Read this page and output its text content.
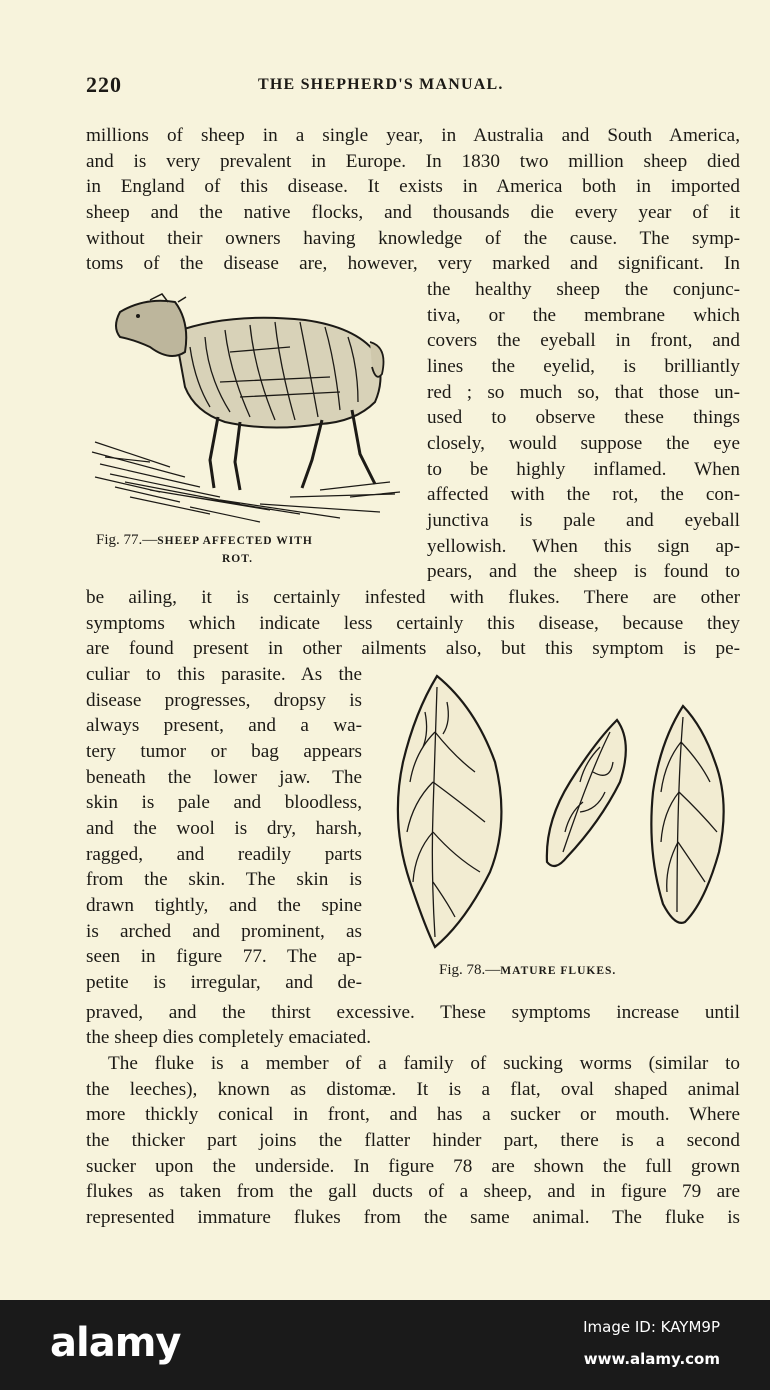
220	THE SHEPHERD'S MANUAL.
millions of sheep in a single year, in Australia and South America,
and is very prevalent in Europe. In 1830 two million sheep died
in England of this disease. It exists in America both in imported
sheep and the native flocks, and thousands die every year of it
without their owners having knowledge of the cause. The symp-
toms of the disease are, however, very marked and significant. In
Fig. 77.—SHEEP AFFECTED WITH
ROT.
the healthy sheep the conjunc-
tiva, or the membrane which
covers the eyeball in front, and
lines the eyelid, is brilliantly
red ; so much so, that those un-
used to observe these things
closely, would suppose the eye
to be highly inflamed. When
affected with the rot, the con-
junctiva is pale and eyeball
yellowish. When this sign ap-
pears, and the sheep is found to
be ailing, it is certainly infested with flukes. There are other
symptoms which indicate less certainly this disease, because they
are found present in other ailments also, but this symptom is pe-
culiar to this parasite. As the
disease progresses, dropsy is
always present, and a wa-
tery tumor or bag appears
beneath the lower jaw. The
skin is pale and bloodless,
and the wool is dry, harsh,
ragged, and readily parts
from the skin. The skin is
drawn tightly, and the spine
is arched and prominent, as
seen in figure 77. The ap-
petite is irregular, and de-
Fig. 78.—MATURE FLUKES.
praved, and the thirst excessive. These symptoms increase until
the sheep dies completely emaciated.
The fluke is a member of a family of sucking worms (similar to
the leeches), known as distomæ. It is a flat, oval shaped animal
more thickly conical in front, and has a sucker or mouth. Where
the thicker part joins the flatter hinder part, there is a second
sucker upon the underside. In figure 78 are shown the full grown
flukes as taken from the gall ducts of a sheep, and in figure 79 are
represented immature flukes from the same animal. The fluke is
alamy	Image ID: KAYM9P
www.alamy.com
